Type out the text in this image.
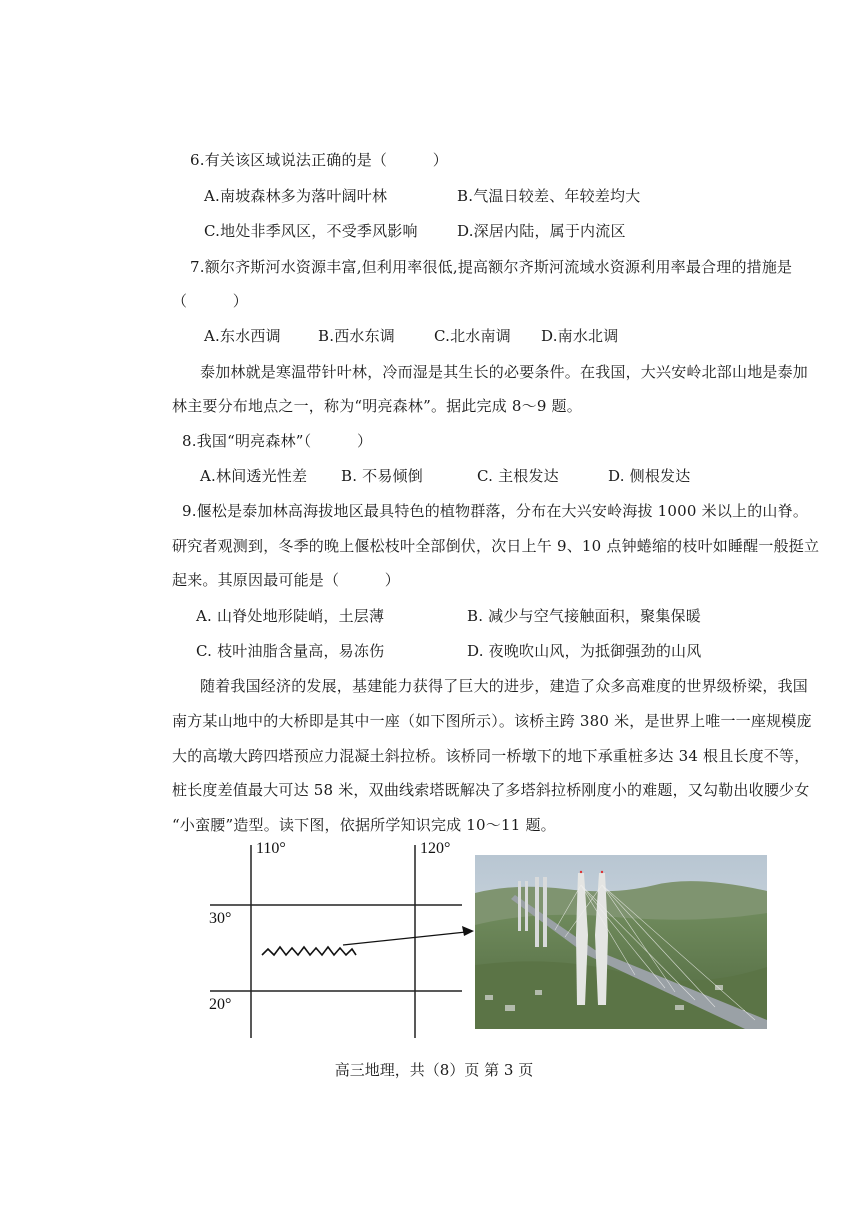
6.有关该区域说法正确的是（　　　）
A.南坡森林多为落叶阔叶林	B.气温日较差、年较差均大
C.地处非季风区，不受季风影响	D.深居内陆，属于内流区
7.额尔齐斯河水资源丰富,但利用率很低,提高额尔齐斯河流域水资源利用率最合理的措施是
（　　　）
A.东水西调 B.西水东调	C.北水南调 D.南水北调
泰加林就是寒温带针叶林，冷而湿是其生长的必要条件。在我国，大兴安岭北部山地是泰加
林主要分布地点之一，称为“明亮森林”。据此完成 8～9 题。
8.我国“明亮森林”（　　　）
A.林间透光性差 B. 不易倾倒	C. 主根发达	D. 侧根发达
9.偃松是泰加林高海拔地区最具特色的植物群落，分布在大兴安岭海拔 1000 米以上的山脊。
研究者观测到，冬季的晚上偃松枝叶全部倒伏，次日上午 9、10 点钟蜷缩的枝叶如睡醒一般挺立
起来。其原因最可能是（　　　）
A. 山脊处地形陡峭，土层薄	B. 减少与空气接触面积，聚集保暖
C. 枝叶油脂含量高，易冻伤	D. 夜晚吹山风，为抵御强劲的山风
随着我国经济的发展，基建能力获得了巨大的进步，建造了众多高难度的世界级桥梁，我国
南方某山地中的大桥即是其中一座（如下图所示）。该桥主跨 380 米，是世界上唯一一座规模庞
大的高墩大跨四塔预应力混凝土斜拉桥。该桥同一桥墩下的地下承重桩多达 34 根且长度不等，
桩长度差值最大可达 58 米，双曲线索塔既解决了多塔斜拉桥刚度小的难题，又勾勒出收腰少女
“小蛮腰”造型。读下图，依据所学知识完成 10～11 题。
110°	120°
30°
20°
高三地理，共（8）页 第 3 页
